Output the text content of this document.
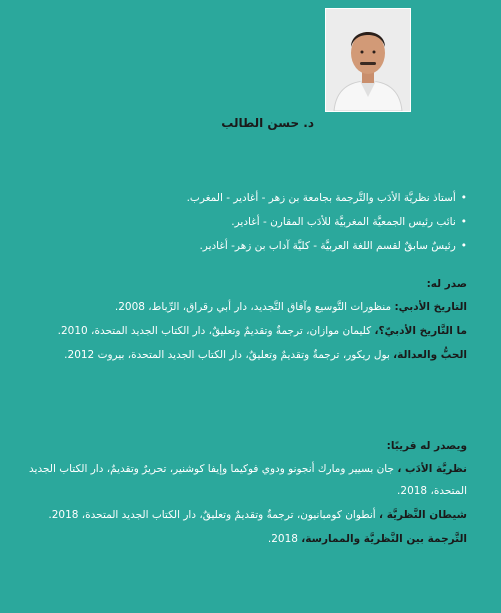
د. حسن الطالب
• أستاذ نظريَّة الأدَب والتَّرجمة بجامعة بن زهر - أغادير - المغرب.
• نائب رئيس الجمعيَّة المغربيَّة للأدَب المقارن - أغادير.
• رئيسٌ سابقٌ لقسم اللغة العربيَّة - كليَّة آداب بن زهر- أغادير.
صدر له:
التاريخ الأدبي: منظورات التَّوسيع وآفاق التَّجديد، دار أبي رقراق، الرِّباط، 2008.
ما التَّاريخ الأدبيّ؟، كليمان موازان، ترجمةٌ وتقديمٌ وتعليقٌ، دار الكتاب الجديد المتحدة، 2010.
الحبُّ والعدالة، بول ريكور، ترجمةٌ وتقديمٌ وتعليقٌ، دار الكتاب الجديد المتحدة، بيروت 2012.
ويصدر له قريبًا:
نظريَّة الأدَب ، جان بسيير ومارك أنجونو ودوي فوكيما وإيفا كوشنير، تحريرٌ وتقديمٌ، دار الكتاب الجديد المتحدة، 2018.
شيطان النَّظريَّة ، أنطوان كومبانيون، ترجمةٌ وتقديمٌ وتعليقٌ، دار الكتاب الجديد المتحدة، 2018.
التَّرجمة بين النَّظريَّة والممارسة، 2018.
